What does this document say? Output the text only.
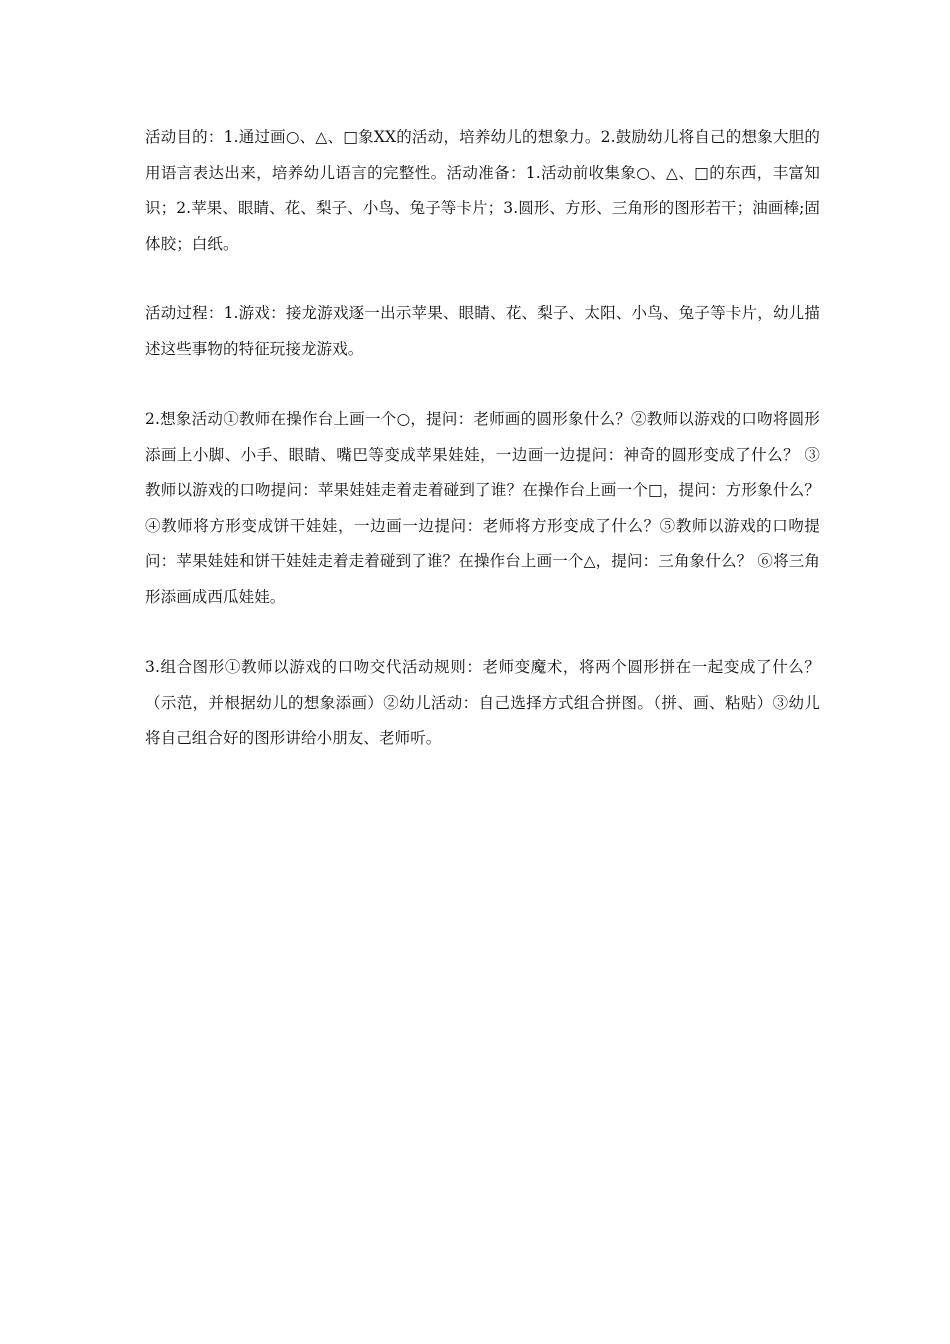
活动目的：1.通过画○、△、□象XX的活动，培养幼儿的想象力。2.鼓励幼儿将自己的想象大胆的用语言表达出来，培养幼儿语言的完整性。活动准备：1.活动前收集象○、△、□的东西，丰富知识；2.苹果、眼睛、花、梨子、小鸟、兔子等卡片；3.圆形、方形、三角形的图形若干；油画棒;固体胶；白纸。

活动过程：1.游戏：接龙游戏逐一出示苹果、眼睛、花、梨子、太阳、小鸟、兔子等卡片，幼儿描述这些事物的特征玩接龙游戏。

2.想象活动①教师在操作台上画一个○，提问：老师画的圆形象什么？②教师以游戏的口吻将圆形添画上小脚、小手、眼睛、嘴巴等变成苹果娃娃，一边画一边提问：神奇的圆形变成了什么？ ③教师以游戏的口吻提问：苹果娃娃走着走着碰到了谁？在操作台上画一个□，提问：方形象什么？④教师将方形变成饼干娃娃，一边画一边提问：老师将方形变成了什么？⑤教师以游戏的口吻提问：苹果娃娃和饼干娃娃走着走着碰到了谁？在操作台上画一个△，提问：三角象什么？ ⑥将三角形添画成西瓜娃娃。

3.组合图形①教师以游戏的口吻交代活动规则：老师变魔术，将两个圆形拼在一起变成了什么？（示范，并根据幼儿的想象添画）②幼儿活动：自己选择方式组合拼图。（拼、画、粘贴）③幼儿将自己组合好的图形讲给小朋友、老师听。
